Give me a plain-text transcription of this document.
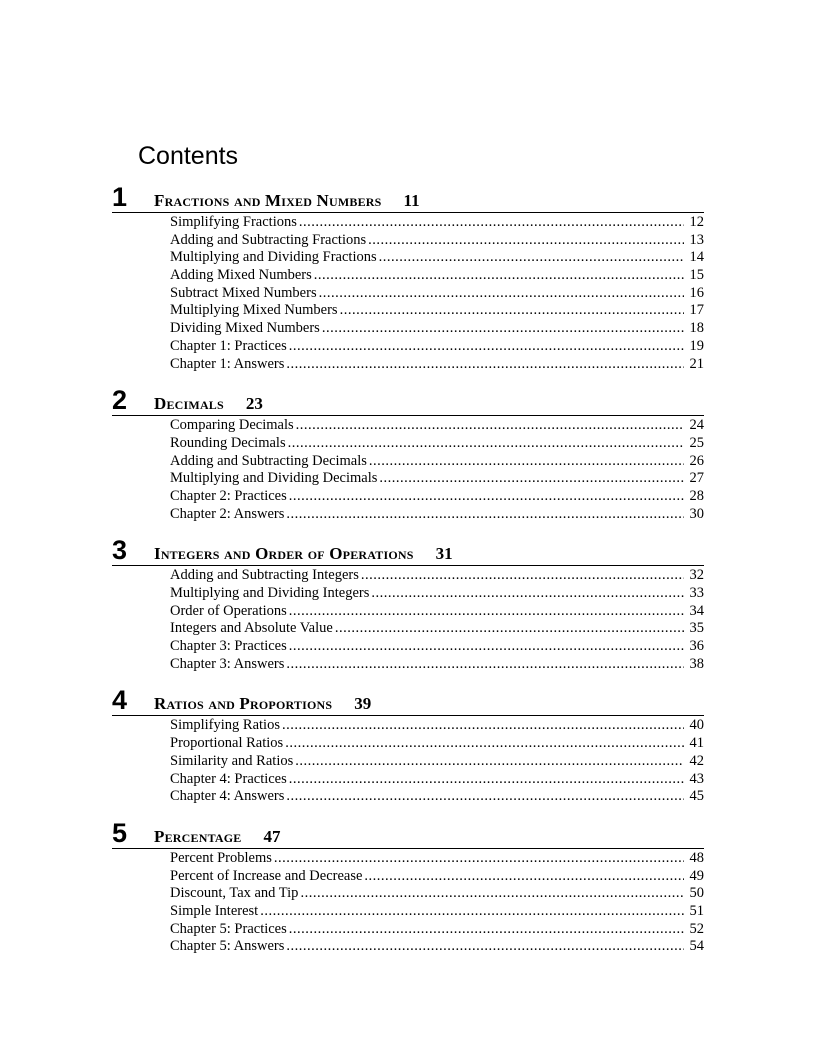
Contents
1	Fractions and Mixed Numbers 11
Simplifying Fractions .....	12
Adding and Subtracting Fractions .....	13
Multiplying and Dividing Fractions .....	14
Adding Mixed Numbers .....	15
Subtract Mixed Numbers .....	16
Multiplying Mixed Numbers .....	17
Dividing Mixed Numbers .....	18
Chapter 1: Practices .....	19
Chapter 1: Answers .....	21
2	Decimals 23
Comparing Decimals .....	24
Rounding Decimals .....	25
Adding and Subtracting Decimals .....	26
Multiplying and Dividing Decimals .....	27
Chapter 2: Practices .....	28
Chapter 2: Answers .....	30
3	Integers and Order of Operations 31
Adding and Subtracting Integers .....	32
Multiplying and Dividing Integers .....	33
Order of Operations .....	34
Integers and Absolute Value .....	35
Chapter 3: Practices .....	36
Chapter 3: Answers .....	38
4	Ratios and Proportions 39
Simplifying Ratios .....	40
Proportional Ratios .....	41
Similarity and Ratios .....	42
Chapter 4: Practices .....	43
Chapter 4: Answers .....	45
5	Percentage 47
Percent Problems .....	48
Percent of Increase and Decrease .....	49
Discount, Tax and Tip .....	50
Simple Interest .....	51
Chapter 5: Practices .....	52
Chapter 5: Answers .....	54
